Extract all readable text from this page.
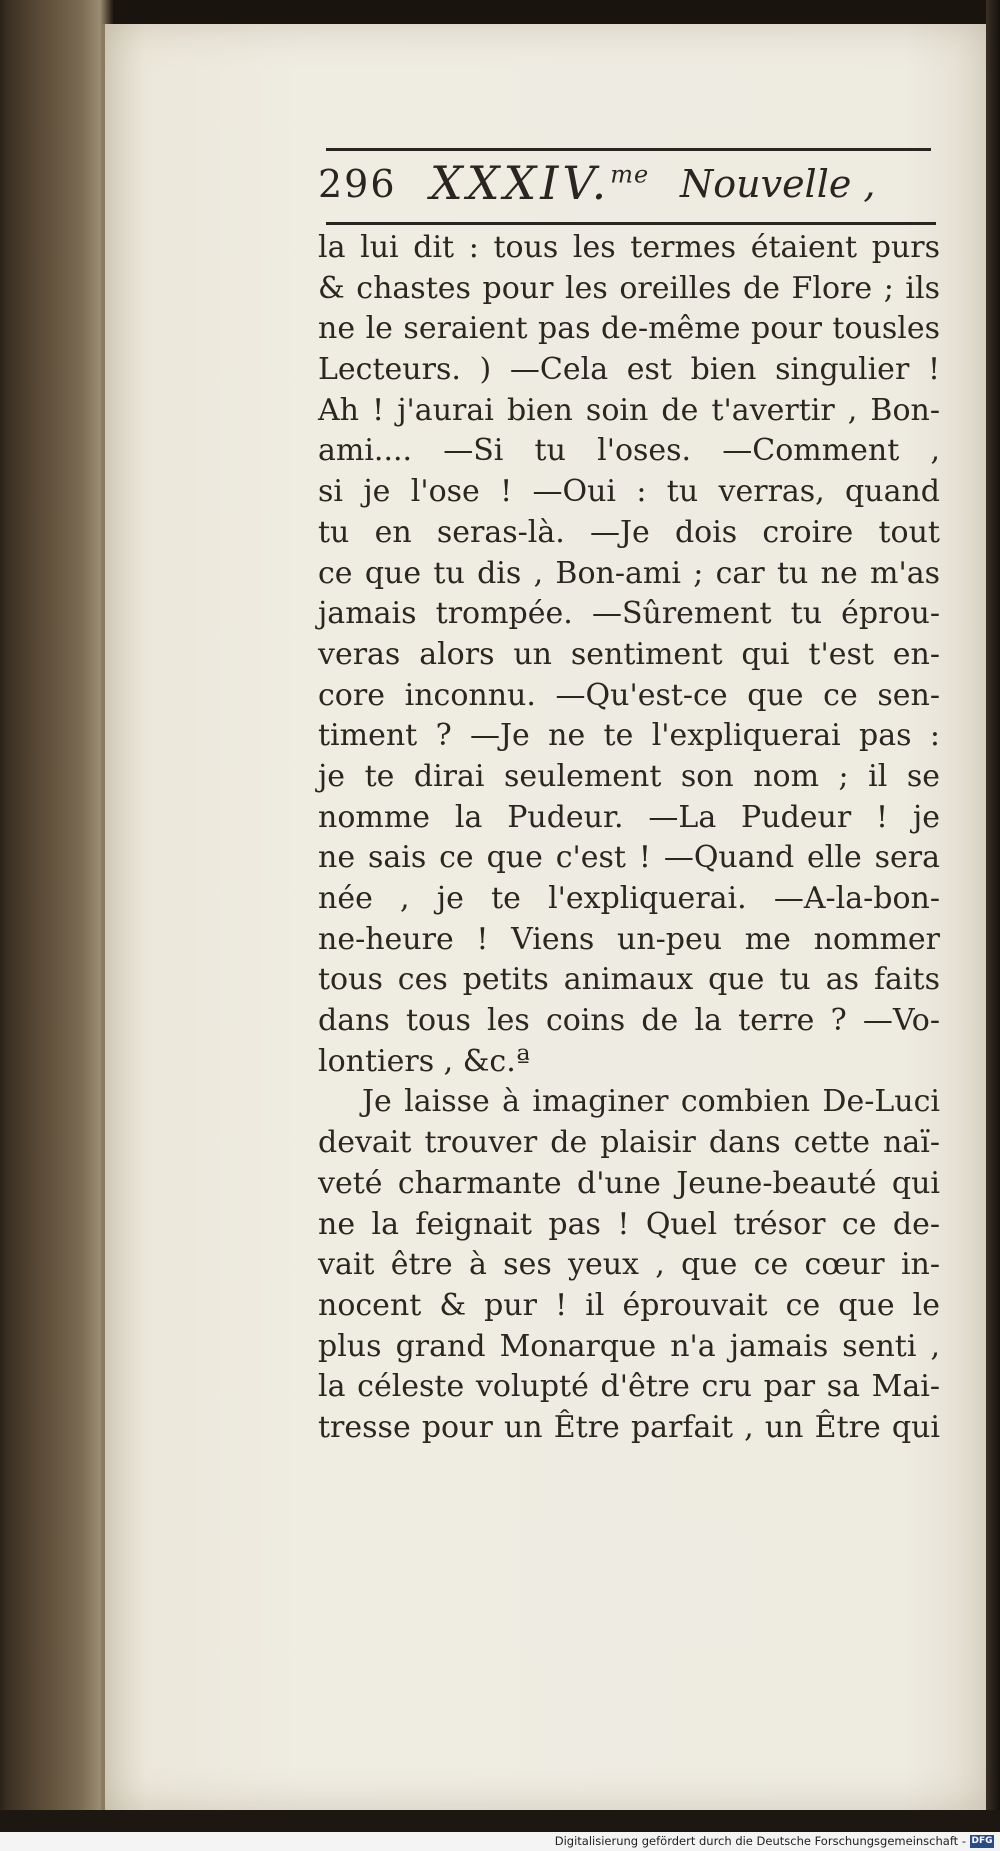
296 XXXIV.$^{me}$ Nouvelle ,
la lui dit : tous les termes étaient purs
& chastes pour les oreilles de Flore ; ils
ne le seraient pas de-même pour tousles
Lecteurs. ) —Cela est bien singulier !
Ah ! j'aurai bien soin de t'avertir , Bon-
ami.... —Si tu l'oses. —Comment ,
si je l'ose ! —Oui : tu verras, quand
tu en seras-là. —Je dois croire tout
ce que tu dis , Bon-ami ; car tu ne m'as
jamais trompée. —Sûrement tu éprou-
veras alors un sentiment qui t'est en-
core inconnu. —Qu'est-ce que ce sen-
timent ? —Je ne te l'expliquerai pas :
je te dirai seulement son nom ; il se
nomme la Pudeur. —La Pudeur ! je
ne sais ce que c'est ! —Quand elle sera
née , je te l'expliquerai. —A-la-bon-
ne-heure ! Viens un-peu me nommer
tous ces petits animaux que tu as faits
dans tous les coins de la terre ? —Vo-
lontiers , &c.ª
Je laisse à imaginer combien De-Luci
devait trouver de plaisir dans cette naï-
veté charmante d'une Jeune-beauté qui
ne la feignait pas ! Quel trésor ce de-
vait être à ses yeux , que ce cœur in-
nocent & pur ! il éprouvait ce que le
plus grand Monarque n'a jamais senti ,
la céleste volupté d'être cru par sa Mai-
tresse pour un Être parfait , un Être qui
Digitalisierung gefördert durch die Deutsche Forschungsgemeinschaft - DFG
